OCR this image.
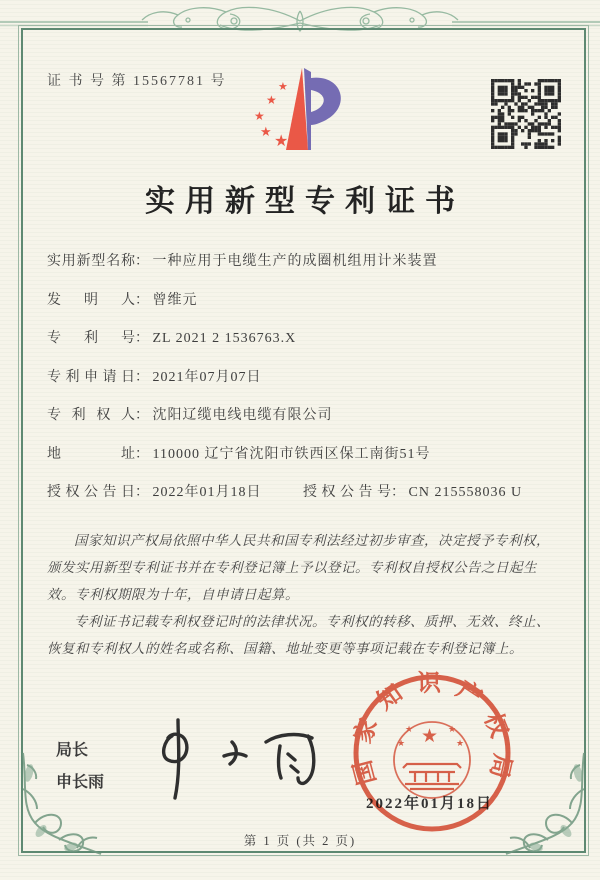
证 书 号 第 15567781 号	★
★
★
★ ★
实用新型专利证书
实用新型名称： 一种应用于电缆生产的成圈机组用计米装置
发明人： 曾维元
专利号： ZL 2021 2 1536763.X
专利申请日： 2021年07月07日
专利权人： 沈阳辽缆电线电缆有限公司
地址： 110000 辽宁省沈阳市铁西区保工南街51号
授权公告日： 2022年01月18日	授权公告号： CN 215558036 U

国家知识产权局依照中华人民共和国专利法经过初步审查，决定授予专利权，颁发实用新型专利证书并在专利登记簿上予以登记。专利权自授权公告之日起生效。专利权期限为十年，自申请日起算。

专利证书记载专利权登记时的法律状况。专利权的转移、质押、无效、终止、恢复和专利权人的姓名或名称、国籍、地址变更等事项记载在专利登记簿上。

局长
申长雨	国家知识产权局
★
★	★
★	★
2022年01月18日
第 1 页 (共 2 页)
